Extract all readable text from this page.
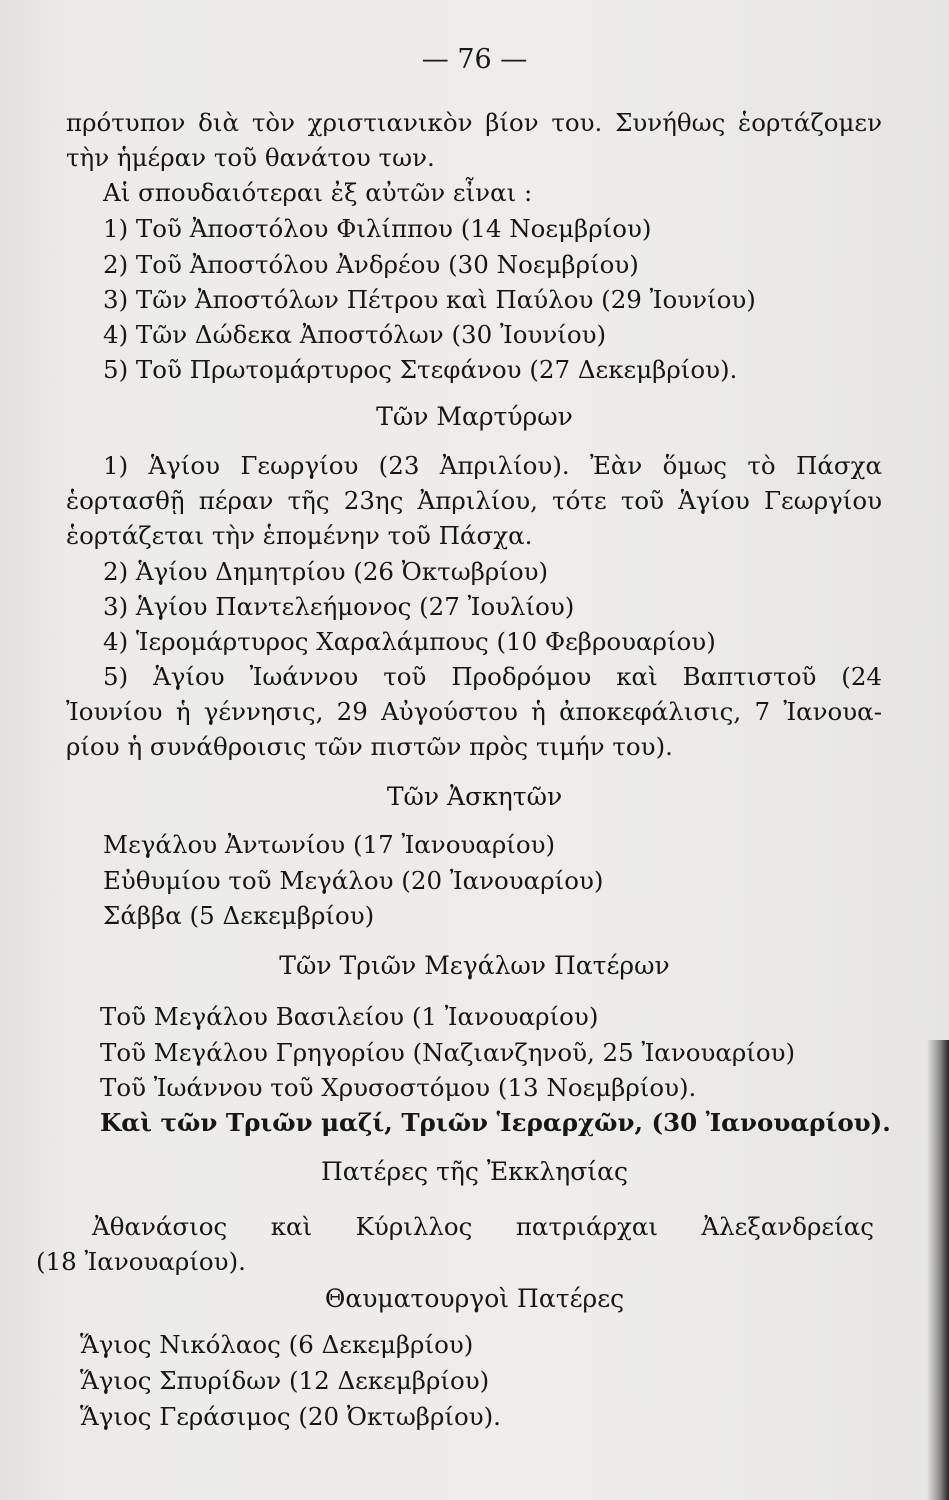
— 76 —
πρότυπον διὰ τὸν χριστιανικὸν βίον του. Συνήθως ἑορτάζομεν
τὴν ἡμέραν τοῦ θανάτου των.
Αἱ σπουδαιότεραι ἐξ αὐτῶν εἶναι :
1) Τοῦ Ἀποστόλου Φιλίππου (14 Νοεμβρίου)
2) Τοῦ Ἀποστόλου Ἀνδρέου (30 Νοεμβρίου)
3) Τῶν Ἀποστόλων Πέτρου καὶ Παύλου (29 Ἰουνίου)
4) Τῶν Δώδεκα Ἀποστόλων (30 Ἰουνίου)
5) Τοῦ Πρωτομάρτυρος Στεφάνου (27 Δεκεμβρίου).
Τῶν Μαρτύρων
1) Ἁγίου Γεωργίου (23 Ἀπριλίου). Ἐὰν ὅμως τὸ Πάσχα
ἑορτασθῇ πέραν τῆς 23ης Ἀπριλίου, τότε τοῦ Ἁγίου Γεωργίου
ἑορτάζεται τὴν ἑπομένην τοῦ Πάσχα.
2) Ἁγίου Δημητρίου (26 Ὀκτωβρίου)
3) Ἁγίου Παντελεήμονος (27 Ἰουλίου)
4) Ἱερομάρτυρος Χαραλάμπους (10 Φεβρουαρίου)
5) Ἁγίου Ἰωάννου τοῦ Προδρόμου καὶ Βαπτιστοῦ (24
Ἰουνίου ἡ γέννησις, 29 Αὐγούστου ἡ ἀποκεφάλισις, 7 Ἰανουα-
ρίου ἡ συνάθροισις τῶν πιστῶν πρὸς τιμήν του).
Τῶν Ἀσκητῶν
Μεγάλου Ἀντωνίου (17 Ἰανουαρίου)
Εὐθυμίου τοῦ Μεγάλου (20 Ἰανουαρίου)
Σάββα (5 Δεκεμβρίου)
Τῶν Τριῶν Μεγάλων Πατέρων
Τοῦ Μεγάλου Βασιλείου (1 Ἰανουαρίου)
Τοῦ Μεγάλου Γρηγορίου (Ναζιανζηνοῦ, 25 Ἰανουαρίου)
Τοῦ Ἰωάννου τοῦ Χρυσοστόμου (13 Νοεμβρίου).
Καὶ τῶν Τριῶν μαζί, Τριῶν Ἱεραρχῶν, (30 Ἰανουαρίου).
Πατέρες τῆς Ἐκκλησίας
Ἀθανάσιος καὶ Κύριλλος πατριάρχαι Ἀλεξανδρείας
(18 Ἰανουαρίου).
Θαυματουργοὶ Πατέρες
Ἅγιος Νικόλαος (6 Δεκεμβρίου)
Ἅγιος Σπυρίδων (12 Δεκεμβρίου)
Ἅγιος Γεράσιμος (20 Ὀκτωβρίου).
